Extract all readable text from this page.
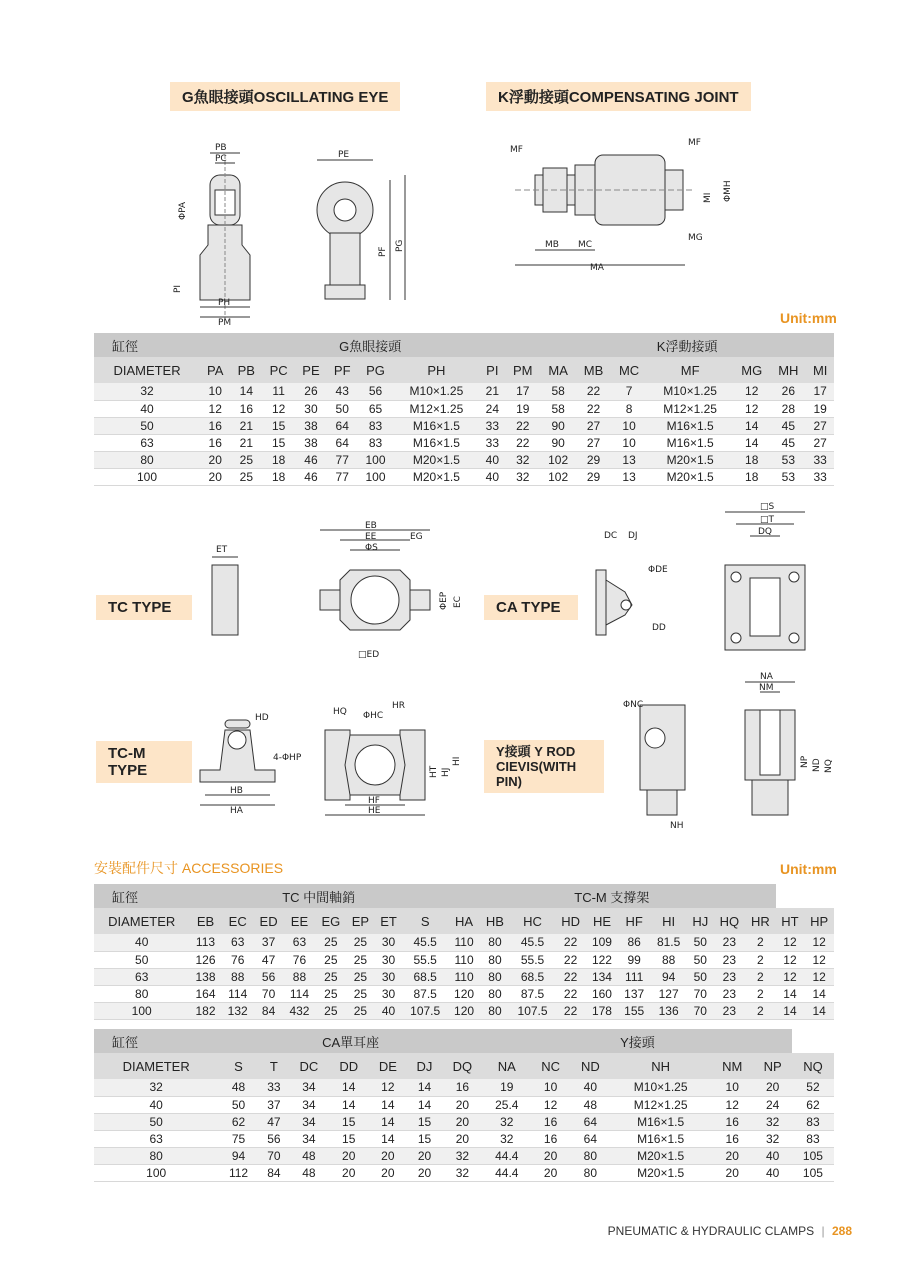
G魚眼接頭OSCILLATING EYE	K浮動接頭COMPENSATING JOINT
PB
PC
ΦPA
PI
PH
PM
PE
PF PG
MF
MF
MI ΦMH
MB MC
MG
MA
Unit:mm
缸徑	G魚眼接頭									K浮動接頭						
DIAMETER	PA	PB	PC	PE	PF	PG	PH	PI	PM	MA	MB	MC	MF	MG	MH	MI
32	10	14	11	26	43	56	M10×1.25	21	17	58	22	7	M10×1.25	12	26	17
40	12	16	12	30	50	65	M12×1.25	24	19	58	22	8	M12×1.25	12	28	19
50	16	21	15	38	64	83	M16×1.5	33	22	90	27	10	M16×1.5	14	45	27
63	16	21	15	38	64	83	M16×1.5	33	22	90	27	10	M16×1.5	14	45	27
80	20	25	18	46	77	100	M20×1.5	40	32	102	29	13	M20×1.5	18	53	33
100	20	25	18	46	77	100	M20×1.5	40	32	102	29	13	M20×1.5	18	53	33
TC TYPE	CA TYPE
ET
EB
EE	EG
ΦS
ΦEP EC
□ED
DC DJ
ΦDE
DD
□S
□T
DQ
TC-M TYPE
Y接頭 Y ROD CIEVIS(WITH PIN)
HD
4-ΦHP
HB
HA
HQ ΦHC
HR
HT HJ
HI
HF
HE
ΦNC
NH
NA
NM
NP ND NQ
安裝配件尺寸 ACCESSORIES	Unit:mm
缸徑	TC 中間軸銷								TC-M 支撐架											
DIAMETER	EB	EC	ED	EE	EG	EP	ET	S	HA	HB	HC	HD	HE	HF	HI	HJ	HQ	HR	HT	HP
40	113	63	37	63	25	25	30	45.5	110	80	45.5	22	109	86	81.5	50	23	2	12	12
50	126	76	47	76	25	25	30	55.5	110	80	55.5	22	122	99	88	50	23	2	12	12
63	138	88	56	88	25	25	30	68.5	110	80	68.5	22	134	111	94	50	23	2	12	12
80	164	114	70	114	25	25	30	87.5	120	80	87.5	22	160	137	127	70	23	2	14	14
100	182	132	84	432	25	25	40	107.5	120	80	107.5	22	178	155	136	70	23	2	14	14
缸徑	CA單耳座							Y接頭						
DIAMETER	S	T	DC	DD	DE	DJ	DQ	NA	NC	ND	NH	NM	NP	NQ
32	48	33	34	14	12	14	16	19	10	40	M10×1.25	10	20	52
40	50	37	34	14	14	14	20	25.4	12	48	M12×1.25	12	24	62
50	62	47	34	15	14	15	20	32	16	64	M16×1.5	16	32	83
63	75	56	34	15	14	15	20	32	16	64	M16×1.5	16	32	83
80	94	70	48	20	20	20	32	44.4	20	80	M20×1.5	20	40	105
100	112	84	48	20	20	20	32	44.4	20	80	M20×1.5	20	40	105
PNEUMATIC & HYDRAULIC CLAMPS | 288
